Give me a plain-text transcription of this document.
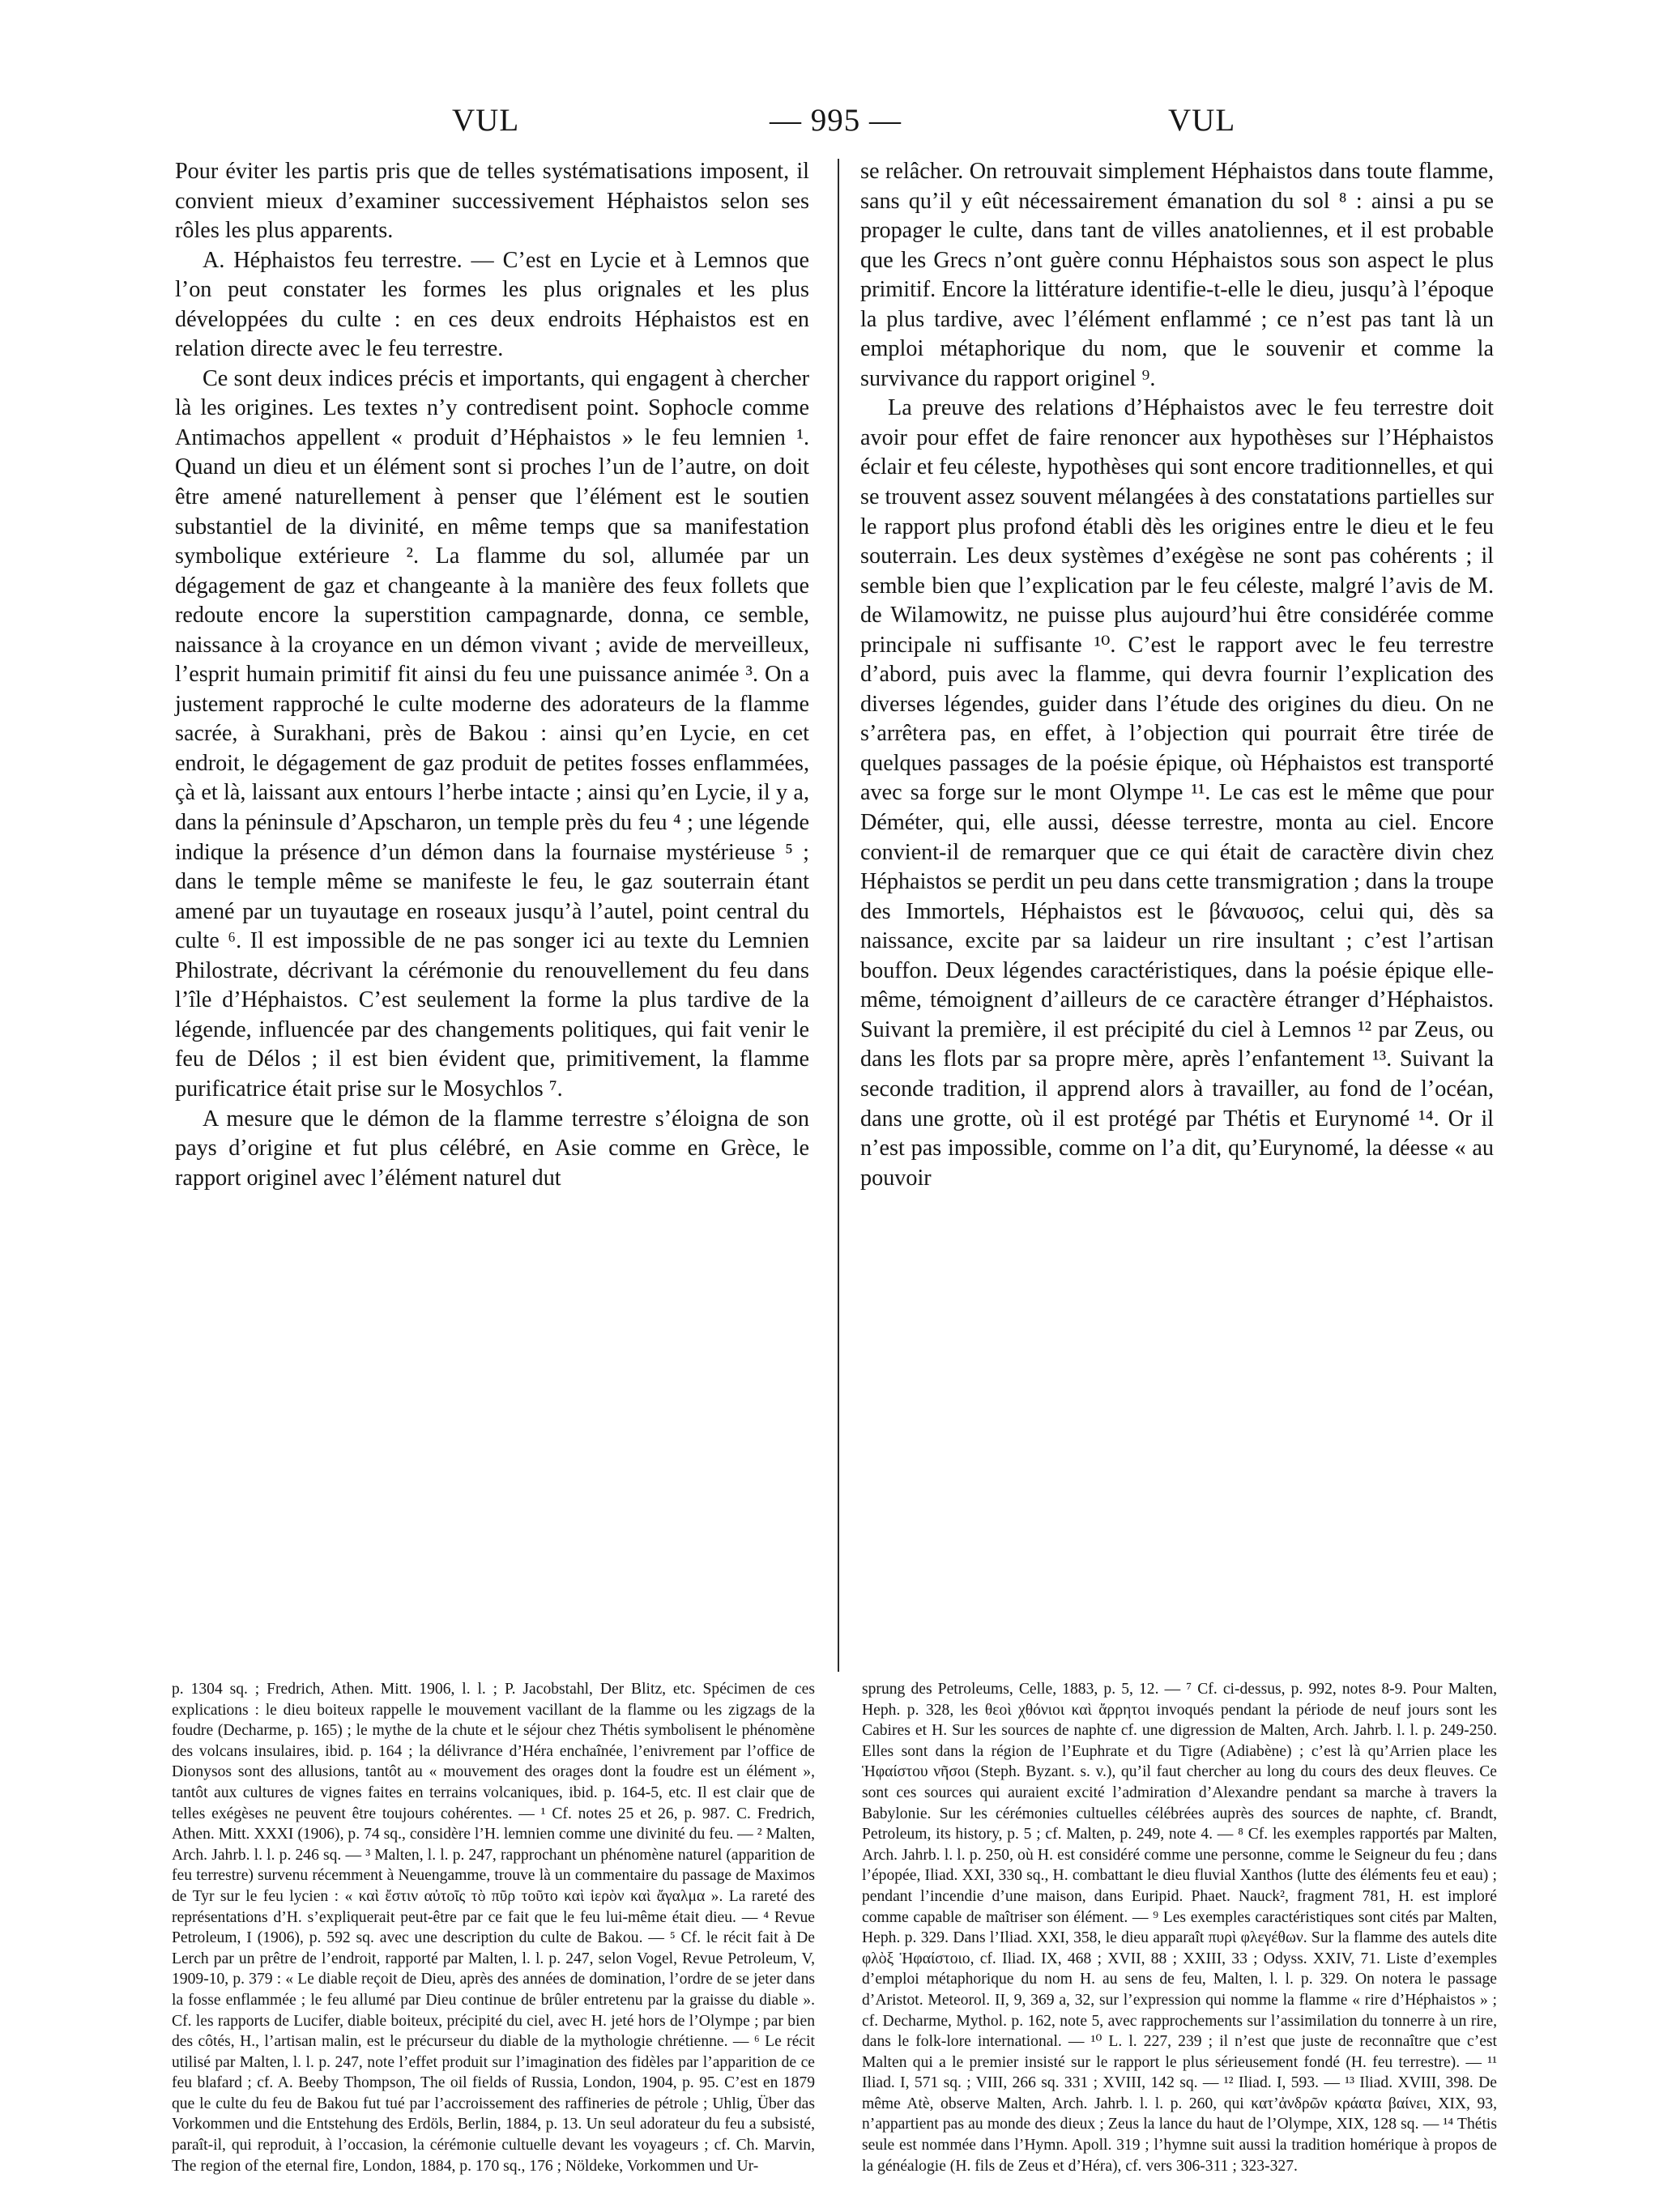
VUL	— 995 —	VUL

Pour éviter les partis pris que de telles systématisations imposent, il convient mieux d’examiner successivement Héphaistos selon ses rôles les plus apparents.

A. Héphaistos feu terrestre. — C’est en Lycie et à Lemnos que l’on peut constater les formes les plus orignales et les plus développées du culte : en ces deux endroits Héphaistos est en relation directe avec le feu terrestre.

Ce sont deux indices précis et importants, qui engagent à chercher là les origines. Les textes n’y contredisent point. Sophocle comme Antimachos appellent « produit d’Héphaistos » le feu lemnien ¹. Quand un dieu et un élément sont si proches l’un de l’autre, on doit être amené naturellement à penser que l’élément est le soutien substantiel de la divinité, en même temps que sa manifestation symbolique extérieure ². La flamme du sol, allumée par un dégagement de gaz et changeante à la manière des feux follets que redoute encore la superstition campagnarde, donna, ce semble, naissance à la croyance en un démon vivant ; avide de merveilleux, l’esprit humain primitif fit ainsi du feu une puissance animée ³. On a justement rapproché le culte moderne des adorateurs de la flamme sacrée, à Surakhani, près de Bakou : ainsi qu’en Lycie, en cet endroit, le dégagement de gaz produit de petites fosses enflammées, çà et là, laissant aux entours l’herbe intacte ; ainsi qu’en Lycie, il y a, dans la péninsule d’Apscharon, un temple près du feu ⁴ ; une légende indique la présence d’un démon dans la fournaise mystérieuse ⁵ ; dans le temple même se manifeste le feu, le gaz souterrain étant amené par un tuyautage en roseaux jusqu’à l’autel, point central du culte ⁶. Il est impossible de ne pas songer ici au texte du Lemnien Philostrate, décrivant la cérémonie du renouvellement du feu dans l’île d’Héphaistos. C’est seulement la forme la plus tardive de la légende, influencée par des changements politiques, qui fait venir le feu de Délos ; il est bien évident que, primitivement, la flamme purificatrice était prise sur le Mosychlos ⁷.

A mesure que le démon de la flamme terrestre s’éloigna de son pays d’origine et fut plus célébré, en Asie comme en Grèce, le rapport originel avec l’élément naturel dut

se relâcher. On retrouvait simplement Héphaistos dans toute flamme, sans qu’il y eût nécessairement émanation du sol ⁸ : ainsi a pu se propager le culte, dans tant de villes anatoliennes, et il est probable que les Grecs n’ont guère connu Héphaistos sous son aspect le plus primitif. Encore la littérature identifie-t-elle le dieu, jusqu’à l’époque la plus tardive, avec l’élément enflammé ; ce n’est pas tant là un emploi métaphorique du nom, que le souvenir et comme la survivance du rapport originel ⁹.

La preuve des relations d’Héphaistos avec le feu terrestre doit avoir pour effet de faire renoncer aux hypothèses sur l’Héphaistos éclair et feu céleste, hypothèses qui sont encore traditionnelles, et qui se trouvent assez souvent mélangées à des constatations partielles sur le rapport plus profond établi dès les origines entre le dieu et le feu souterrain. Les deux systèmes d’exégèse ne sont pas cohérents ; il semble bien que l’explication par le feu céleste, malgré l’avis de M. de Wilamowitz, ne puisse plus aujourd’hui être considérée comme principale ni suffisante ¹⁰. C’est le rapport avec le feu terrestre d’abord, puis avec la flamme, qui devra fournir l’explication des diverses légendes, guider dans l’étude des origines du dieu. On ne s’arrêtera pas, en effet, à l’objection qui pourrait être tirée de quelques passages de la poésie épique, où Héphaistos est transporté avec sa forge sur le mont Olympe ¹¹. Le cas est le même que pour Déméter, qui, elle aussi, déesse terrestre, monta au ciel. Encore convient-il de remarquer que ce qui était de caractère divin chez Héphaistos se perdit un peu dans cette transmigration ; dans la troupe des Immortels, Héphaistos est le βάναυσος, celui qui, dès sa naissance, excite par sa laideur un rire insultant ; c’est l’artisan bouffon. Deux légendes caractéristiques, dans la poésie épique elle-même, témoignent d’ailleurs de ce caractère étranger d’Héphaistos. Suivant la première, il est précipité du ciel à Lemnos ¹² par Zeus, ou dans les flots par sa propre mère, après l’enfantement ¹³. Suivant la seconde tradition, il apprend alors à travailler, au fond de l’océan, dans une grotte, où il est protégé par Thétis et Eurynomé ¹⁴. Or il n’est pas impossible, comme on l’a dit, qu’Eurynomé, la déesse « au pouvoir

p. 1304 sq. ; Fredrich, Athen. Mitt. 1906, l. l. ; P. Jacobstahl, Der Blitz, etc. Spécimen de ces explications : le dieu boiteux rappelle le mouvement vacillant de la flamme ou les zigzags de la foudre (Decharme, p. 165) ; le mythe de la chute et le séjour chez Thétis symbolisent le phénomène des volcans insulaires, ibid. p. 164 ; la délivrance d’Héra enchaînée, l’enivrement par l’office de Dionysos sont des allusions, tantôt au « mouvement des orages dont la foudre est un élément », tantôt aux cultures de vignes faites en terrains volcaniques, ibid. p. 164-5, etc. Il est clair que de telles exégèses ne peuvent être toujours cohérentes. — ¹ Cf. notes 25 et 26, p. 987. C. Fredrich, Athen. Mitt. XXXI (1906), p. 74 sq., considère l’H. lemnien comme une divinité du feu. — ² Malten, Arch. Jahrb. l. l. p. 246 sq. — ³ Malten, l. l. p. 247, rapprochant un phénomène naturel (apparition de feu terrestre) survenu récemment à Neuengamme, trouve là un commentaire du passage de Maximos de Tyr sur le feu lycien : « καὶ ἔστιν αὐτοῖς τὸ πῦρ τοῦτο καὶ ἱερὸν καὶ ἄγαλμα ». La rareté des représentations d’H. s’expliquerait peut-être par ce fait que le feu lui-même était dieu. — ⁴ Revue Petroleum, I (1906), p. 592 sq. avec une description du culte de Bakou. — ⁵ Cf. le récit fait à De Lerch par un prêtre de l’endroit, rapporté par Malten, l. l. p. 247, selon Vogel, Revue Petroleum, V, 1909-10, p. 379 : « Le diable reçoit de Dieu, après des années de domination, l’ordre de se jeter dans la fosse enflammée ; le feu allumé par Dieu continue de brûler entretenu par la graisse du diable ». Cf. les rapports de Lucifer, diable boiteux, précipité du ciel, avec H. jeté hors de l’Olympe ; par bien des côtés, H., l’artisan malin, est le précurseur du diable de la mythologie chrétienne. — ⁶ Le récit utilisé par Malten, l. l. p. 247, note l’effet produit sur l’imagination des fidèles par l’apparition de ce feu blafard ; cf. A. Beeby Thompson, The oil fields of Russia, London, 1904, p. 95. C’est en 1879 que le culte du feu de Bakou fut tué par l’accroissement des raffineries de pétrole ; Uhlig, Über das Vorkommen und die Entstehung des Erdöls, Berlin, 1884, p. 13. Un seul adorateur du feu a subsisté, paraît-il, qui reproduit, à l’occasion, la cérémonie cultuelle devant les voyageurs ; cf. Ch. Marvin, The region of the eternal fire, London, 1884, p. 170 sq., 176 ; Nöldeke, Vorkommen und Ur-

sprung des Petroleums, Celle, 1883, p. 5, 12. — ⁷ Cf. ci-dessus, p. 992, notes 8-9. Pour Malten, Heph. p. 328, les θεοὶ χθόνιοι καὶ ἄρρητοι invoqués pendant la période de neuf jours sont les Cabires et H. Sur les sources de naphte cf. une digression de Malten, Arch. Jahrb. l. l. p. 249-250. Elles sont dans la région de l’Euphrate et du Tigre (Adiabène) ; c’est là qu’Arrien place les Ἡφαίστου νῆσοι (Steph. Byzant. s. v.), qu’il faut chercher au long du cours des deux fleuves. Ce sont ces sources qui auraient excité l’admiration d’Alexandre pendant sa marche à travers la Babylonie. Sur les cérémonies cultuelles célébrées auprès des sources de naphte, cf. Brandt, Petroleum, its history, p. 5 ; cf. Malten, p. 249, note 4. — ⁸ Cf. les exemples rapportés par Malten, Arch. Jahrb. l. l. p. 250, où H. est considéré comme une personne, comme le Seigneur du feu ; dans l’épopée, Iliad. XXI, 330 sq., H. combattant le dieu fluvial Xanthos (lutte des éléments feu et eau) ; pendant l’incendie d’une maison, dans Euripid. Phaet. Nauck², fragment 781, H. est imploré comme capable de maîtriser son élément. — ⁹ Les exemples caractéristiques sont cités par Malten, Heph. p. 329. Dans l’Iliad. XXI, 358, le dieu apparaît πυρὶ φλεγέθων. Sur la flamme des autels dite φλὸξ Ἡφαίστοιο, cf. Iliad. IX, 468 ; XVII, 88 ; XXIII, 33 ; Odyss. XXIV, 71. Liste d’exemples d’emploi métaphorique du nom H. au sens de feu, Malten, l. l. p. 329. On notera le passage d’Aristot. Meteorol. II, 9, 369 a, 32, sur l’expression qui nomme la flamme « rire d’Héphaistos » ; cf. Decharme, Mythol. p. 162, note 5, avec rapprochements sur l’assimilation du tonnerre à un rire, dans le folk-lore international. — ¹⁰ L. l. 227, 239 ; il n’est que juste de reconnaître que c’est Malten qui a le premier insisté sur le rapport le plus sérieusement fondé (H. feu terrestre). — ¹¹ Iliad. I, 571 sq. ; VIII, 266 sq. 331 ; XVIII, 142 sq. — ¹² Iliad. I, 593. — ¹³ Iliad. XVIII, 398. De même Atè, observe Malten, Arch. Jahrb. l. l. p. 260, qui κατ’ἀνδρῶν κράατα βαίνει, XIX, 93, n’appartient pas au monde des dieux ; Zeus la lance du haut de l’Olympe, XIX, 128 sq. — ¹⁴ Thétis seule est nommée dans l’Hymn. Apoll. 319 ; l’hymne suit aussi la tradition homérique à propos de la généalogie (H. fils de Zeus et d’Héra), cf. vers 306-311 ; 323-327.
